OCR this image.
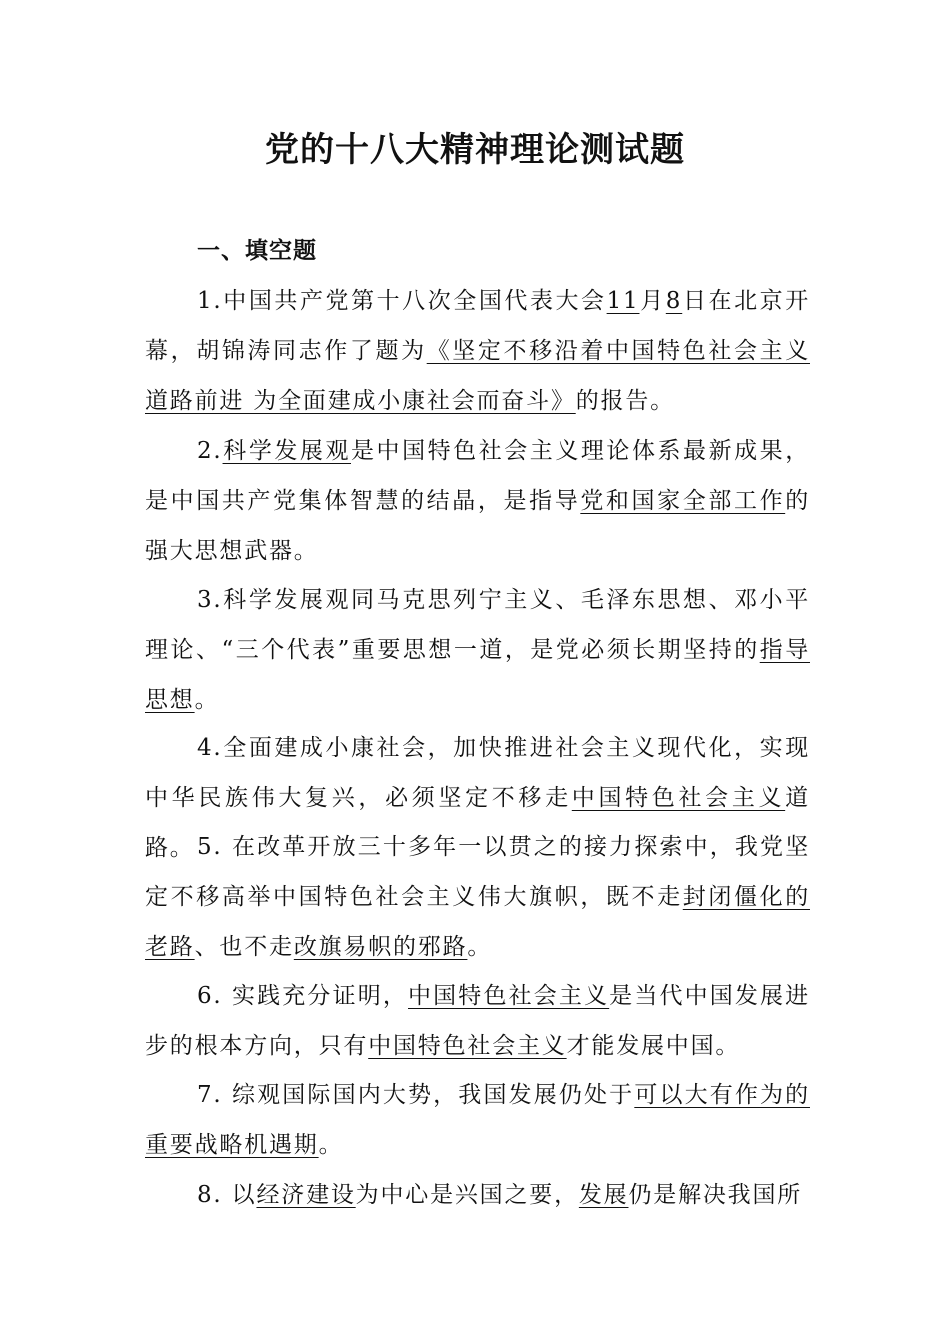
党的十八大精神理论测试题
一、填空题

1.中国共产党第十八次全国代表大会11月8日在北京开幕，胡锦涛同志作了题为《坚定不移沿着中国特色社会主义道路前进 为全面建成小康社会而奋斗》的报告。

2.科学发展观是中国特色社会主义理论体系最新成果，是中国共产党集体智慧的结晶，是指导党和国家全部工作的强大思想武器。

3.科学发展观同马克思列宁主义、毛泽东思想、邓小平理论、“三个代表”重要思想一道，是党必须长期坚持的指导思想。

4.全面建成小康社会，加快推进社会主义现代化，实现中华民族伟大复兴，必须坚定不移走中国特色社会主义道路。 5. 在改革开放三十多年一以贯之的接力探索中，我党坚定不移高举中国特色社会主义伟大旗帜，既不走封闭僵化的老路、也不走改旗易帜的邪路。

6. 实践充分证明，中国特色社会主义是当代中国发展进步的根本方向，只有中国特色社会主义才能发展中国。

7. 综观国际国内大势，我国发展仍处于可以大有作为的重要战略机遇期。

8. 以经济建设为中心是兴国之要，发展仍是解决我国所
